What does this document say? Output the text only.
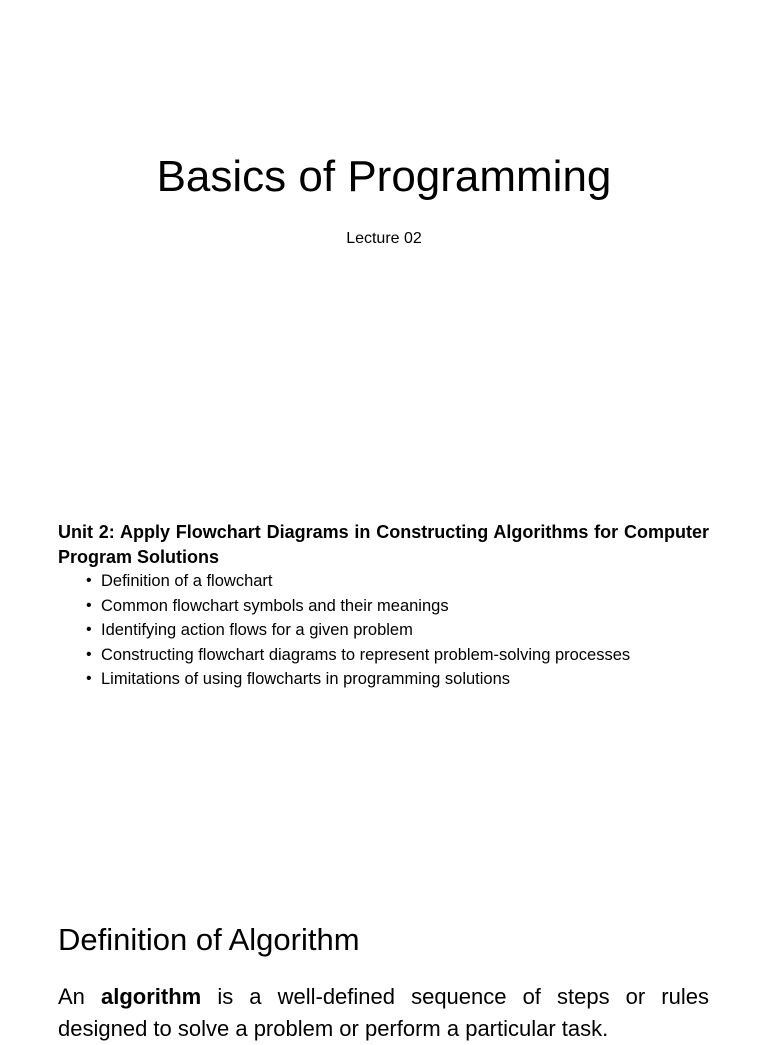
Basics of Programming

Lecture 02

Unit 2: Apply Flowchart Diagrams in Constructing Algorithms for Computer Program Solutions

• Definition of a flowchart
• Common flowchart symbols and their meanings
• Identifying action flows for a given problem
• Constructing flowchart diagrams to represent problem-solving processes
• Limitations of using flowcharts in programming solutions
Definition of Algorithm

An algorithm is a well-defined sequence of steps or rules designed to solve a problem or perform a particular task.
